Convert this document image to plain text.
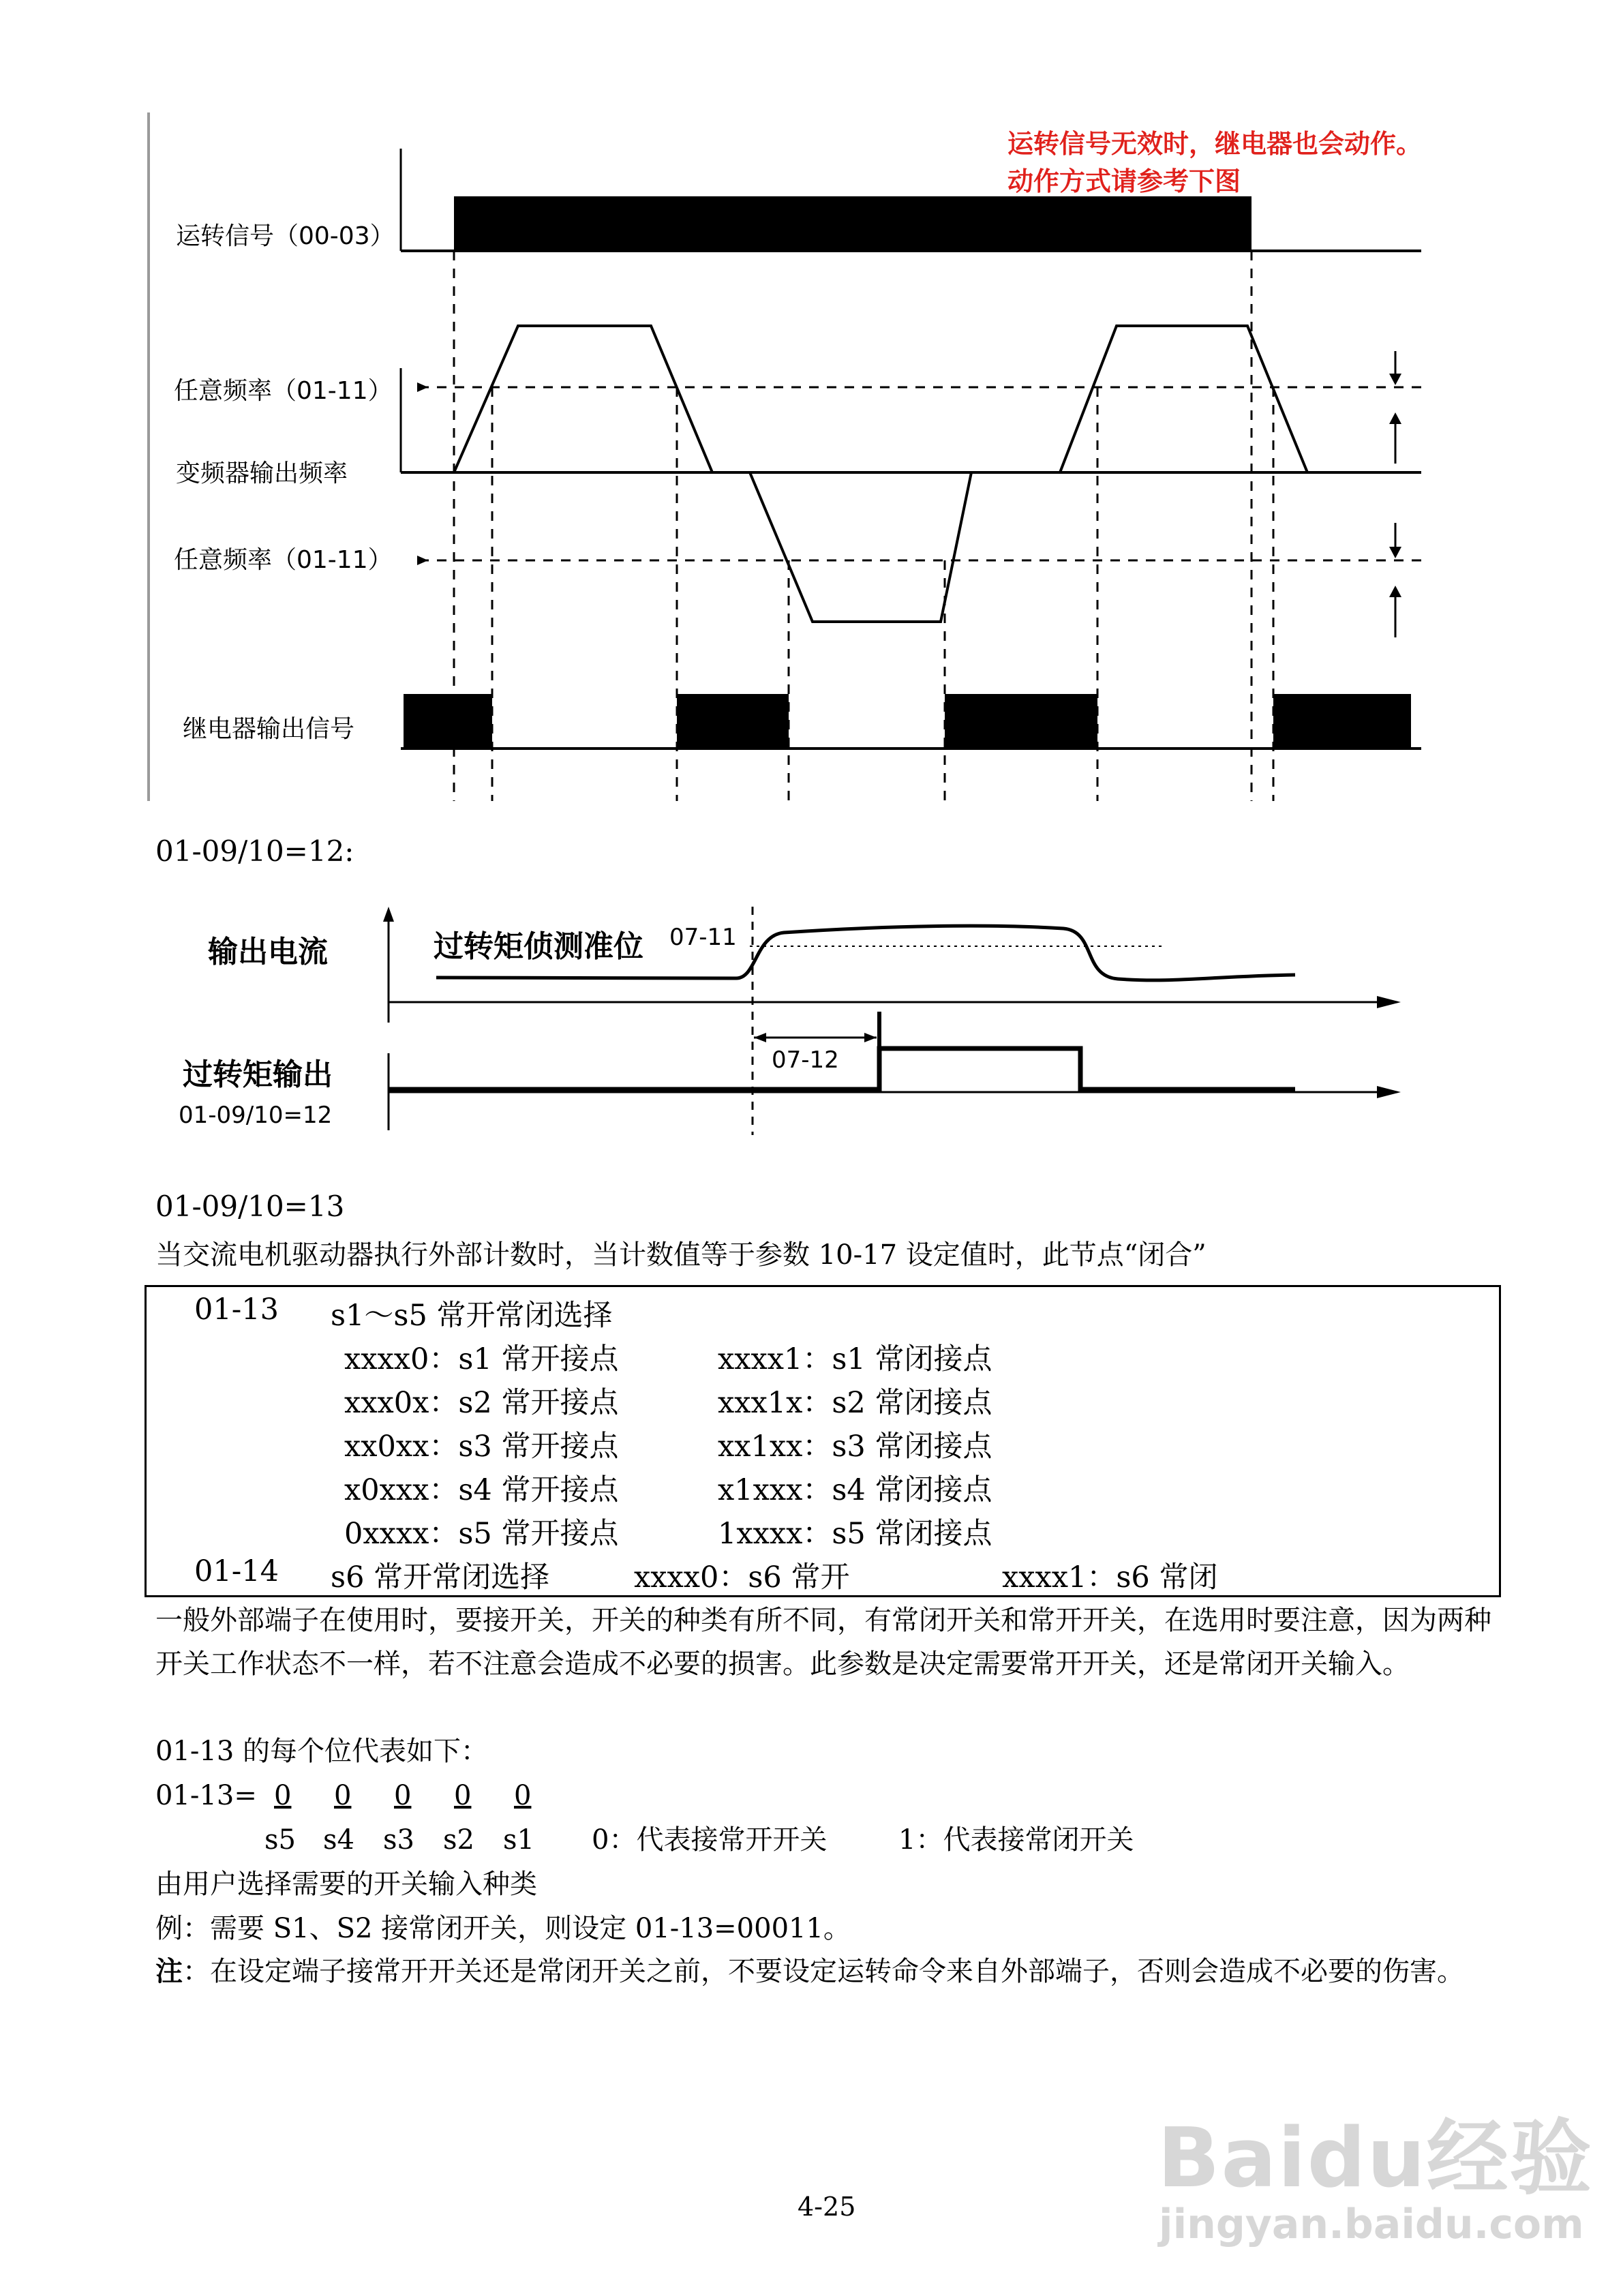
运转信号无效时，继电器也会动作。
动作方式请参考下图
运转信号（00-03）
任意频率（01-11）
变频器输出频率
任意频率（01-11）
继电器输出信号
01-09/10=12:
输出电流	过转矩侦测准位 07-11
07-12
过转矩输出
01-09/10=12
01-09/10=13
当交流电机驱动器执行外部计数时，当计数值等于参数 10-17 设定值时，此节点“闭合”
01-13 s1～s5 常开常闭选择
xxxx0：s1 常开接点	xxxx1：s1 常闭接点
xxx0x：s2 常开接点	xxx1x：s2 常闭接点
xx0xx：s3 常开接点	xx1xx：s3 常闭接点
x0xxx：s4 常开接点	x1xxx：s4 常闭接点
0xxxx：s5 常开接点	1xxxx：s5 常闭接点
01-14 s6 常开常闭选择	xxxx0：s6 常开	xxxx1：s6 常闭
一般外部端子在使用时，要接开关，开关的种类有所不同，有常闭开关和常开开关，在选用时要注意，因为两种开关工作状态不一样，若不注意会造成不必要的损害。此参数是决定需要常开开关，还是常闭开关输入。
01-13 的每个位代表如下：
01-13= 0 0 0 0 0
s5 s4 s3 s2 s1 0：代表接常开开关	1：代表接常闭开关
由用户选择需要的开关输入种类
例：需要 S1、S2 接常闭开关，则设定 01-13=00011。
注：在设定端子接常开开关还是常闭开关之前，不要设定运转命令来自外部端子，否则会造成不必要的伤害。
4-25
Baidu经验
jingyan.baidu.com
